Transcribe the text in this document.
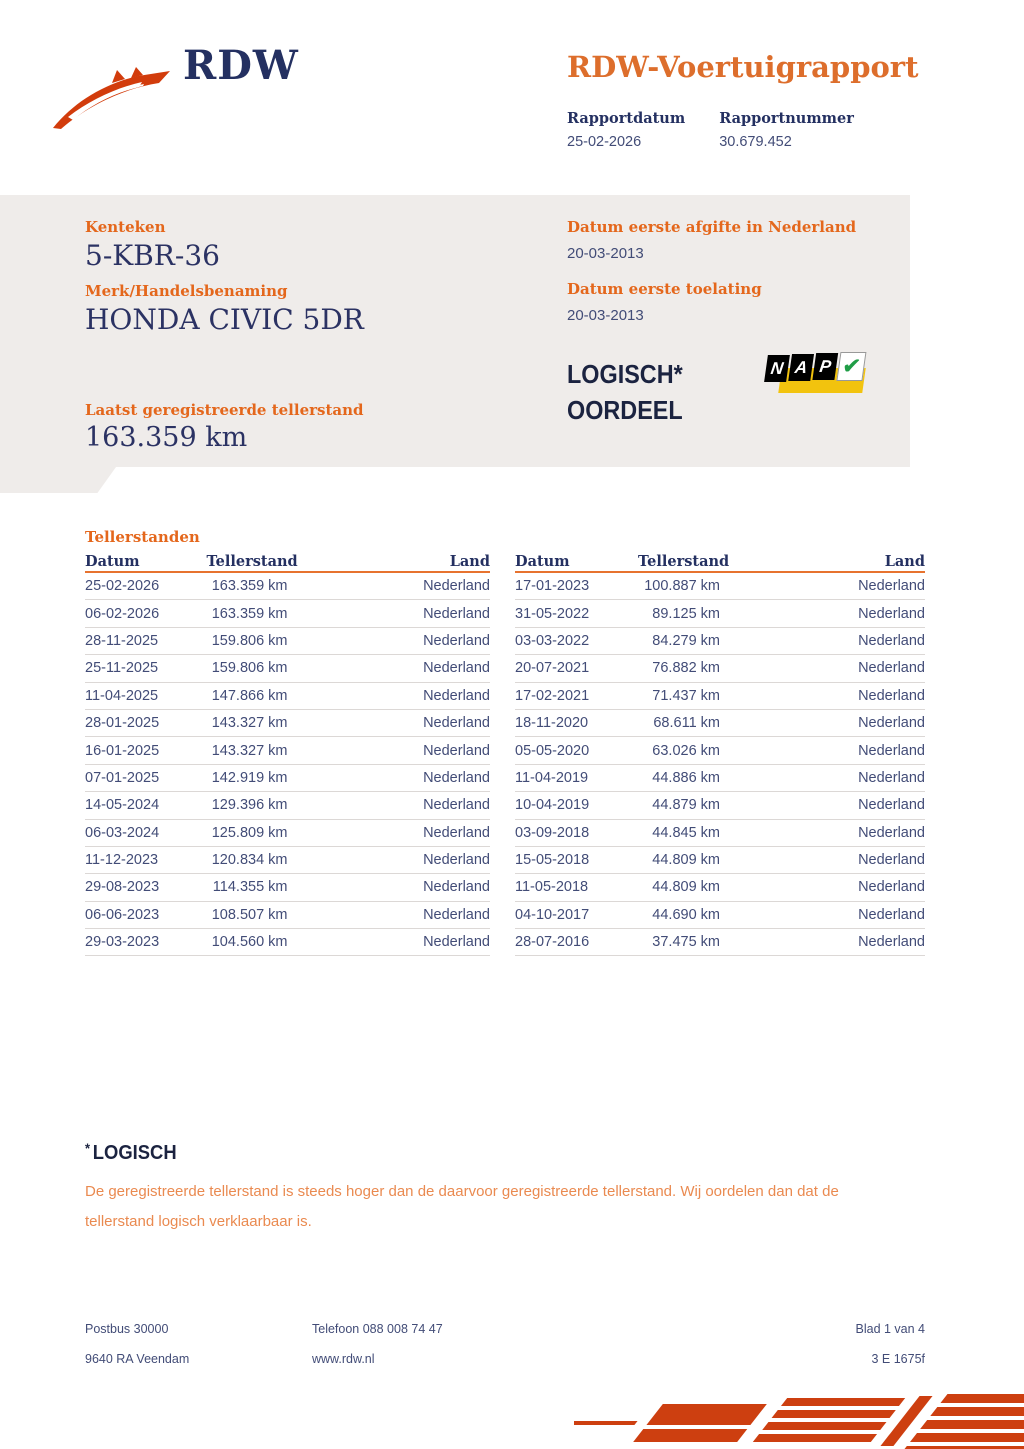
RDW	RDW-Voertuigrapport
Rapportdatum
25-02-2026
Rapportnummer
30.679.452
Kenteken
5-KBR-36
Merk/Handelsbenaming
HONDA CIVIC 5DR
Laatst geregistreerde tellerstand
163.359 km
Datum eerste afgifte in Nederland
20-03-2013
Datum eerste toelating
20-03-2013
LOGISCH*
OORDEEL
N A P ✔
Tellerstanden
Datum	Tellerstand	Land
25-02-2026	163.359 km	Nederland
06-02-2026	163.359 km	Nederland
28-11-2025	159.806 km	Nederland
25-11-2025	159.806 km	Nederland
11-04-2025	147.866 km	Nederland
28-01-2025	143.327 km	Nederland
16-01-2025	143.327 km	Nederland
07-01-2025	142.919 km	Nederland
14-05-2024	129.396 km	Nederland
06-03-2024	125.809 km	Nederland
11-12-2023	120.834 km	Nederland
29-08-2023	114.355 km	Nederland
06-06-2023	108.507 km	Nederland
29-03-2023	104.560 km	Nederland
Datum	Tellerstand	Land
17-01-2023	100.887 km	Nederland
31-05-2022	89.125 km	Nederland
03-03-2022	84.279 km	Nederland
20-07-2021	76.882 km	Nederland
17-02-2021	71.437 km	Nederland
18-11-2020	68.611 km	Nederland
05-05-2020	63.026 km	Nederland
11-04-2019	44.886 km	Nederland
10-04-2019	44.879 km	Nederland
03-09-2018	44.845 km	Nederland
15-05-2018	44.809 km	Nederland
11-05-2018	44.809 km	Nederland
04-10-2017	44.690 km	Nederland
28-07-2016	37.475 km	Nederland
* LOGISCH
De geregistreerde tellerstand is steeds hoger dan de daarvoor geregistreerde tellerstand. Wij oordelen dan dat de
tellerstand logisch verklaarbaar is.
Postbus 30000	Telefoon 088 008 74 47	Blad 1 van 4
9640 RA Veendam	www.rdw.nl	3 E 1675f
